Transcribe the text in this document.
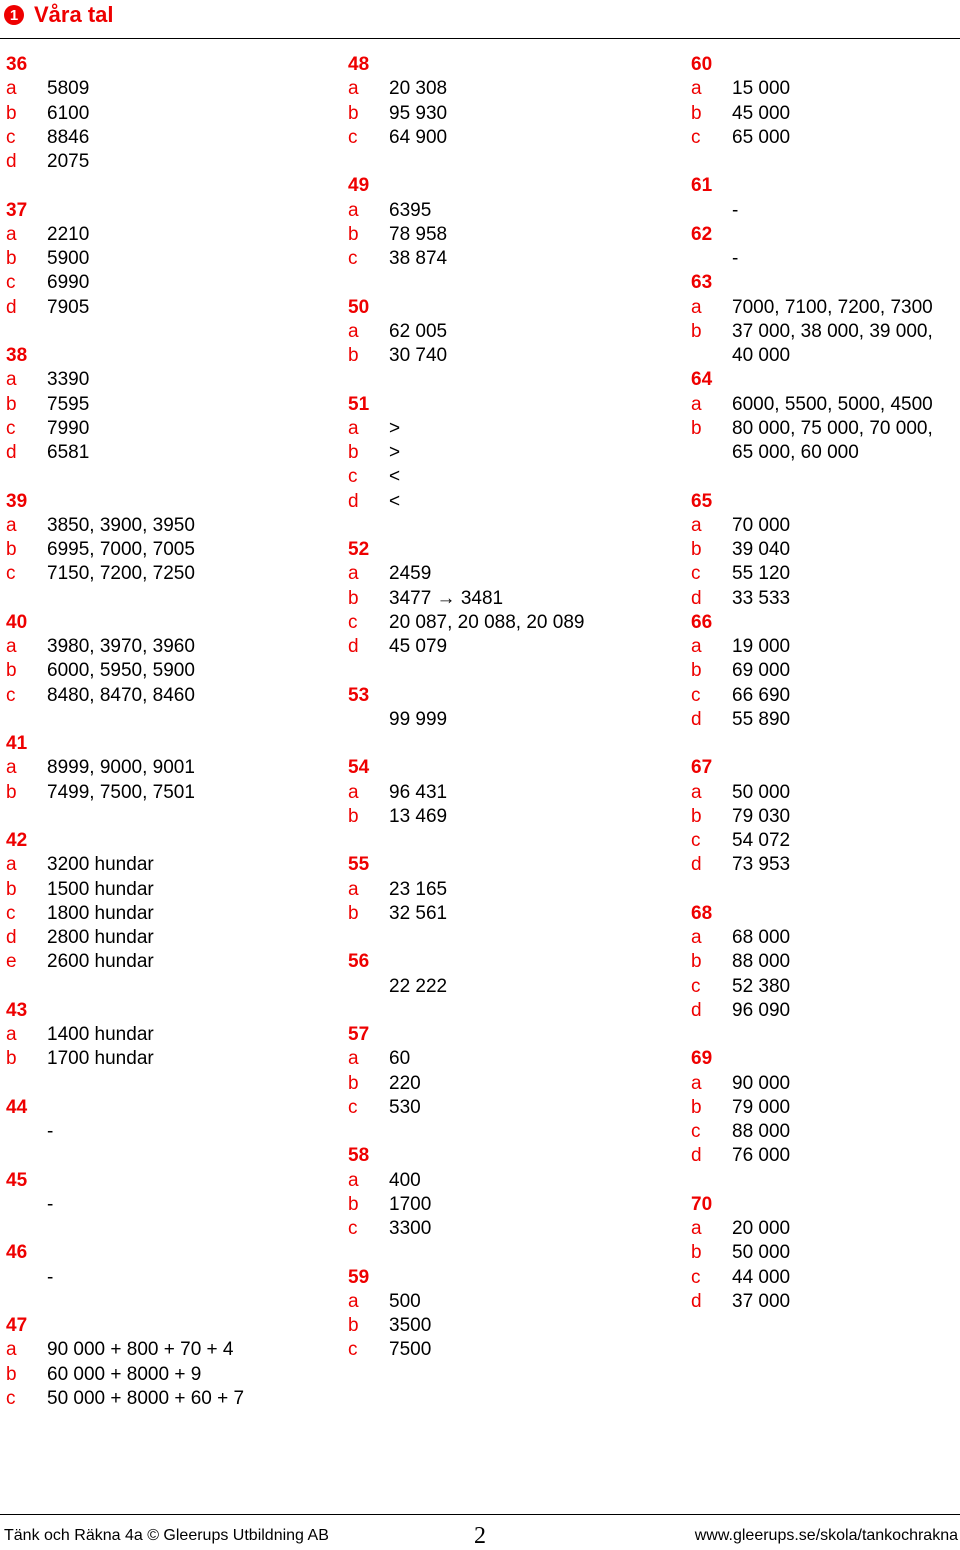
1 Våra tal
36
a	5809
b	6100
c	8846
d	2075
37
a	2210
b	5900
c	6990
d	7905
38
a	3390
b	7595
c	7990
d	6581
39
a	3850, 3900, 3950
b	6995, 7000, 7005
c	7150, 7200, 7250
40
a	3980, 3970, 3960
b	6000, 5950, 5900
c	8480, 8470, 8460
41
a	8999, 9000, 9001
b	7499, 7500, 7501
42
a	3200 hundar
b	1500 hundar
c	1800 hundar
d	2800 hundar
e	2600 hundar
43
a	1400 hundar
b	1700 hundar
44
-
45
-
46
-
47
a	90 000 + 800 + 70 + 4
b	60 000 + 8000 + 9
c	50 000 + 8000 + 60 + 7
48
a	20 308
b	95 930
c	64 900
49
a	6395
b	78 958
c	38 874
50
a	62 005
b	30 740
51
a	>
b	>
c	<
d	<
52
a	2459
b	3477 → 3481
c	20 087, 20 088, 20 089
d	45 079
53
99 999
54
a	96 431
b	13 469
55
a	23 165
b	32 561
56
22 222
57
a	60
b	220
c	530
58
a	400
b	1700
c	3300
59
a	500
b	3500
c	7500
60
a	15 000
b	45 000
c	65 000
61
-
62
-
63
a	7000, 7100, 7200, 7300
b	37 000, 38 000, 39 000,
40 000
64
a	6000, 5500, 5000, 4500
b	80 000, 75 000, 70 000,
65 000, 60 000
65
a	70 000
b	39 040
c	55 120
d	33 533
66
a	19 000
b	69 000
c	66 690
d	55 890
67
a	50 000
b	79 030
c	54 072
d	73 953
68
a	68 000
b	88 000
c	52 380
d	96 090
69
a	90 000
b	79 000
c	88 000
d	76 000
70
a	20 000
b	50 000
c	44 000
d	37 000
Tänk och Räkna 4a © Gleerups Utbildning AB	2	www.gleerups.se/skola/tankochrakna
